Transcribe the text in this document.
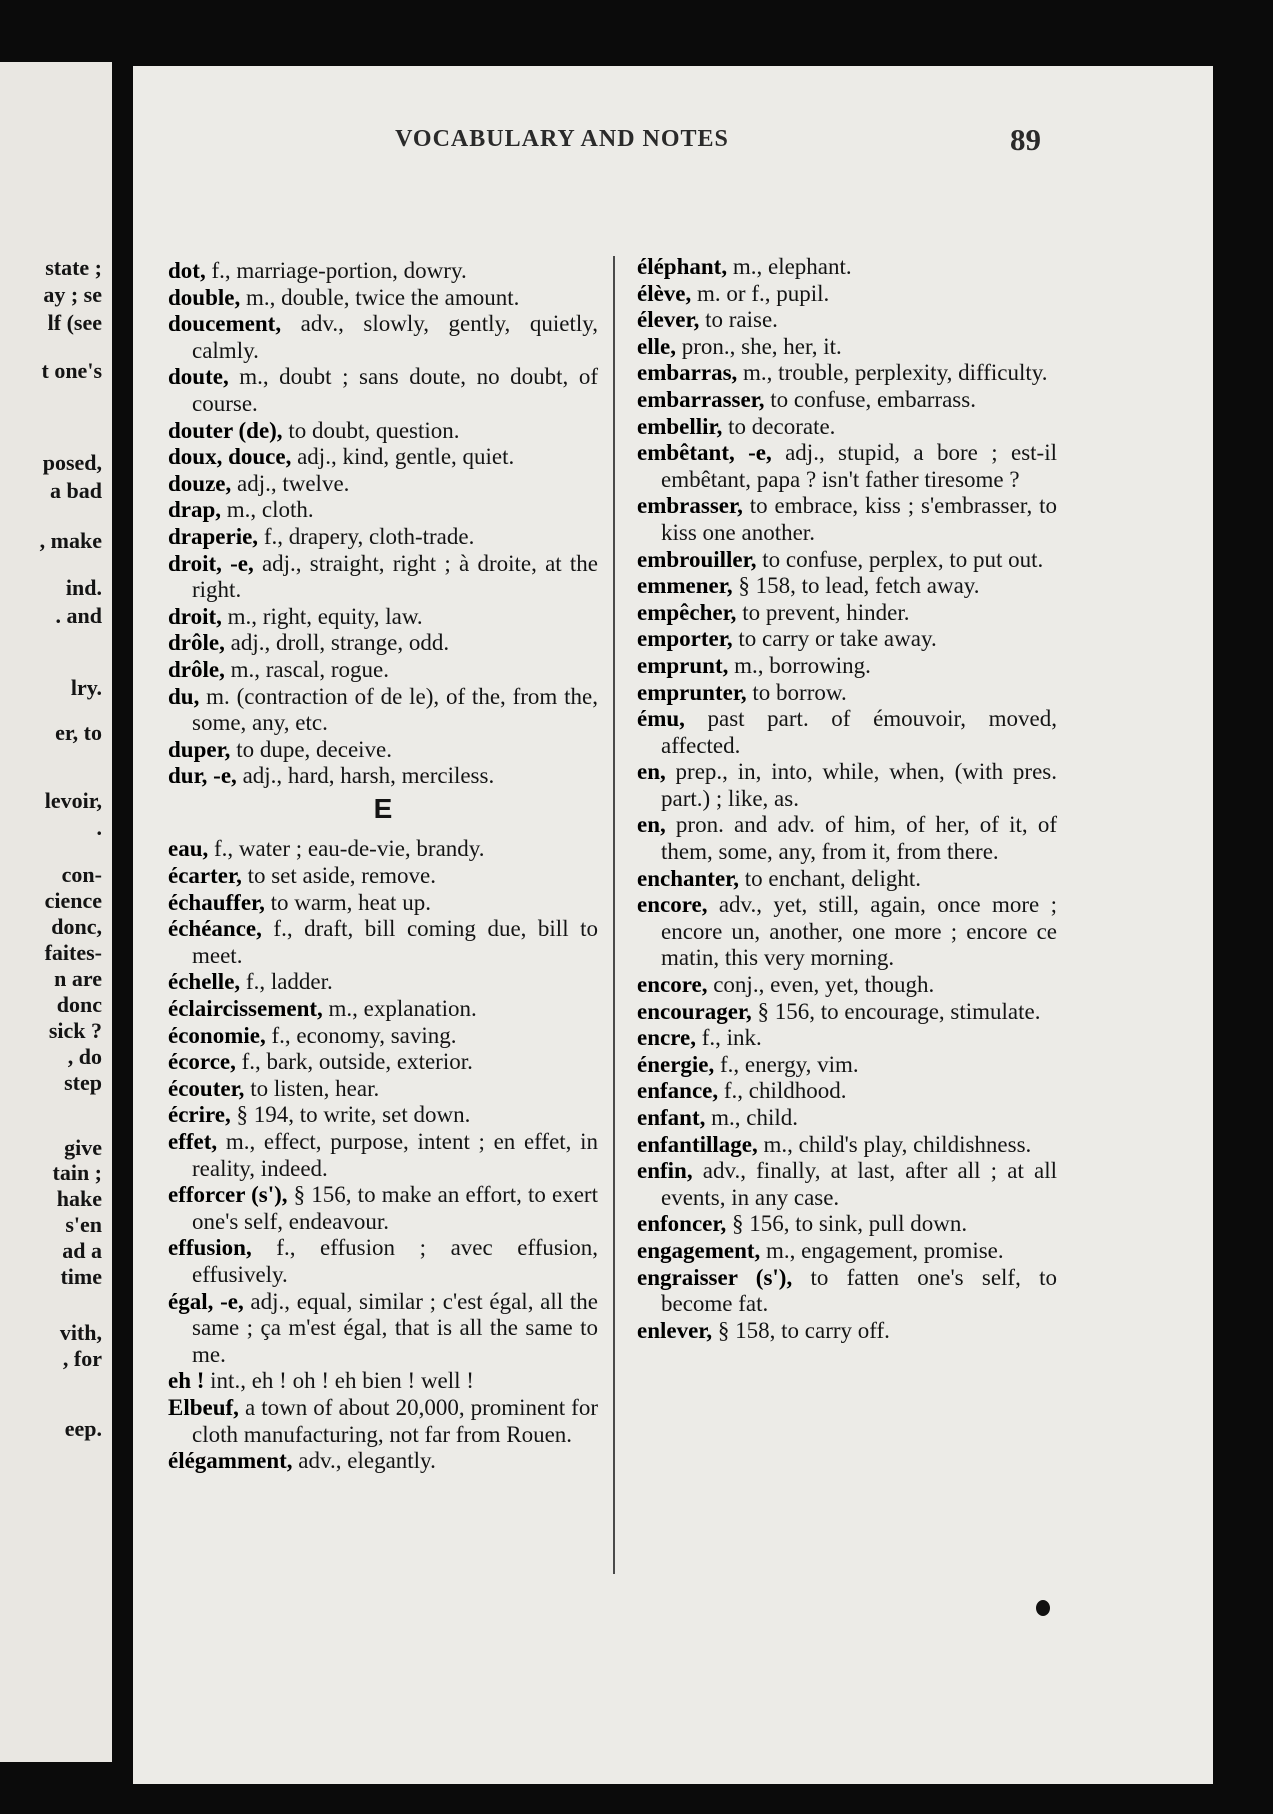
state ;
ay ; se
lf (see
t one's
posed,
a bad
, make
ind.
. and
lry.
er, to
levoir,
.
con-
cience
donc,
faites-
n are
donc
sick ?
, do
step
give
tain ;
hake
s'en
ad a
time
vith,
, for
eep.
VOCABULARY AND NOTES	89

dot, f., marriage-portion, dowry.

double, m., double, twice the amount.

doucement, adv., slowly, gently, quietly, calmly.

doute, m., doubt ; sans doute, no doubt, of course.

douter (de), to doubt, question.

doux, douce, adj., kind, gentle, quiet.

douze, adj., twelve.

drap, m., cloth.

draperie, f., drapery, cloth-trade.

droit, -e, adj., straight, right ; à droite, at the right.

droit, m., right, equity, law.

drôle, adj., droll, strange, odd.

drôle, m., rascal, rogue.

du, m. (contraction of de le), of the, from the, some, any, etc.

duper, to dupe, deceive.

dur, -e, adj., hard, harsh, merciless.

E

eau, f., water ; eau-de-vie, brandy.

écarter, to set aside, remove.

échauffer, to warm, heat up.

échéance, f., draft, bill coming due, bill to meet.

échelle, f., ladder.

éclaircissement, m., explanation.

économie, f., economy, saving.

écorce, f., bark, outside, exterior.

écouter, to listen, hear.

écrire, § 194, to write, set down.

effet, m., effect, purpose, intent ; en effet, in reality, indeed.

efforcer (s'), § 156, to make an effort, to exert one's self, endeavour.

effusion, f., effusion ; avec effusion, effusively.

égal, -e, adj., equal, similar ; c'est égal, all the same ; ça m'est égal, that is all the same to me.

eh ! int., eh ! oh ! eh bien ! well !

Elbeuf, a town of about 20,000, prominent for cloth manufacturing, not far from Rouen.

élégamment, adv., elegantly.

éléphant, m., elephant.

élève, m. or f., pupil.

élever, to raise.

elle, pron., she, her, it.

embarras, m., trouble, perplexity, difficulty.

embarrasser, to confuse, embarrass.

embellir, to decorate.

embêtant, -e, adj., stupid, a bore ; est-il embêtant, papa ? isn't father tiresome ?

embrasser, to embrace, kiss ; s'embrasser, to kiss one another.

embrouiller, to confuse, perplex, to put out.

emmener, § 158, to lead, fetch away.

empêcher, to prevent, hinder.

emporter, to carry or take away.

emprunt, m., borrowing.

emprunter, to borrow.

ému, past part. of émouvoir, moved, affected.

en, prep., in, into, while, when, (with pres. part.) ; like, as.

en, pron. and adv. of him, of her, of it, of them, some, any, from it, from there.

enchanter, to enchant, delight.

encore, adv., yet, still, again, once more ; encore un, another, one more ; encore ce matin, this very morning.

encore, conj., even, yet, though.

encourager, § 156, to encourage, stimulate.

encre, f., ink.

énergie, f., energy, vim.

enfance, f., childhood.

enfant, m., child.

enfantillage, m., child's play, childishness.

enfin, adv., finally, at last, after all ; at all events, in any case.

enfoncer, § 156, to sink, pull down.

engagement, m., engagement, promise.

engraisser (s'), to fatten one's self, to become fat.

enlever, § 158, to carry off.
